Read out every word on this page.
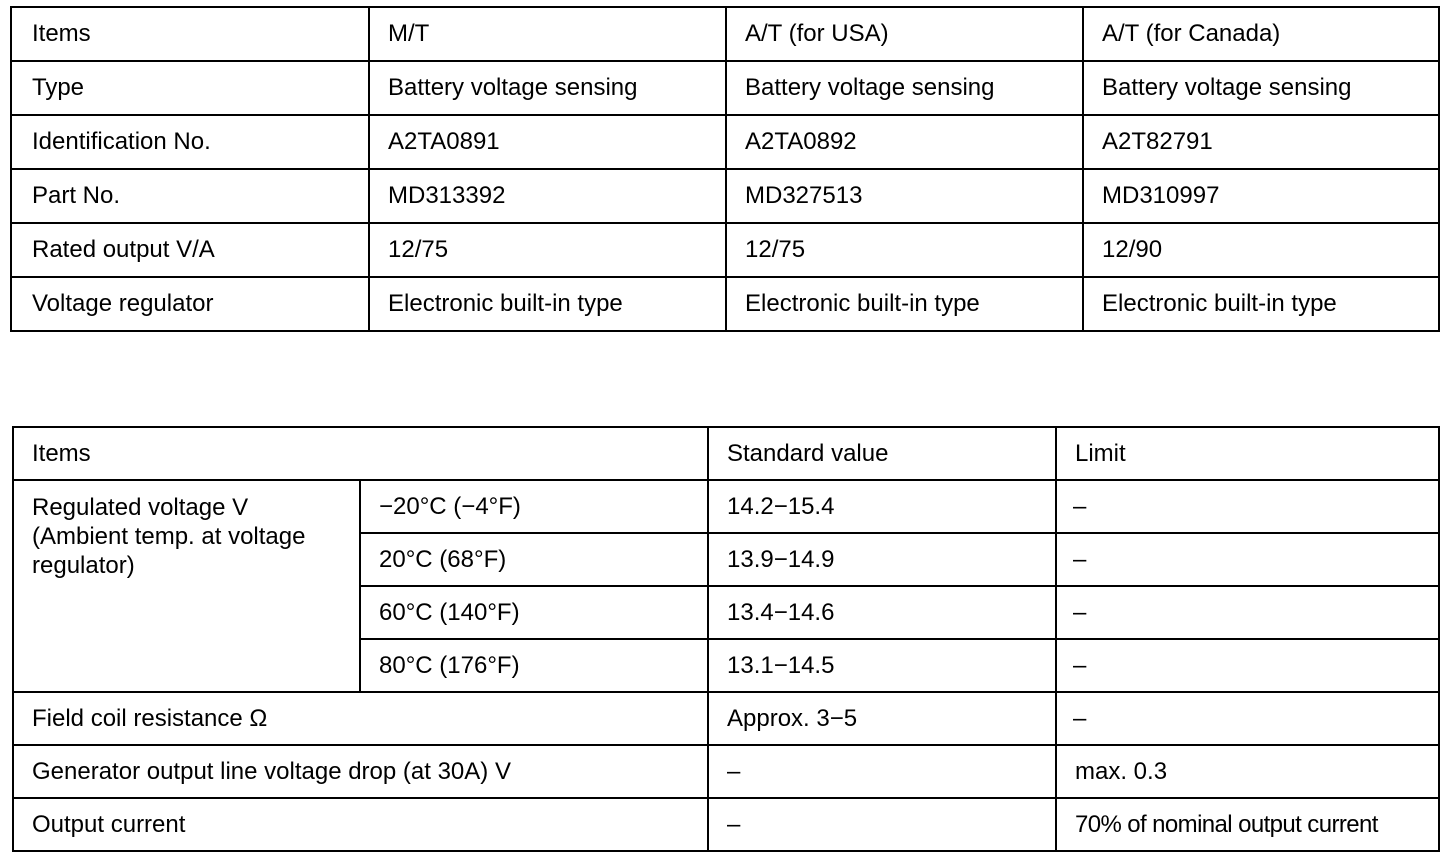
Items	M/T	A/T (for USA)	A/T (for Canada)
Type	Battery voltage sensing	Battery voltage sensing	Battery voltage sensing
Identification No.	A2TA0891	A2TA0892	A2T82791
Part No.	MD313392	MD327513	MD310997
Rated output V/A	12/75	12/75	12/90
Voltage regulator	Electronic built-in type	Electronic built-in type	Electronic built-in type
Items		Standard value	Limit

Regulated voltage V
(Ambient temp. at voltage
regulator)	−20°C (−4°F)	14.2−15.4	–
	20°C (68°F)	13.9−14.9	–
	60°C (140°F)	13.4−14.6	–
	80°C (176°F)	13.1−14.5	–
Field coil resistance Ω		Approx. 3−5	–
Generator output line voltage drop (at 30A) V		–	max. 0.3
Output current		–	70% of nominal output current
